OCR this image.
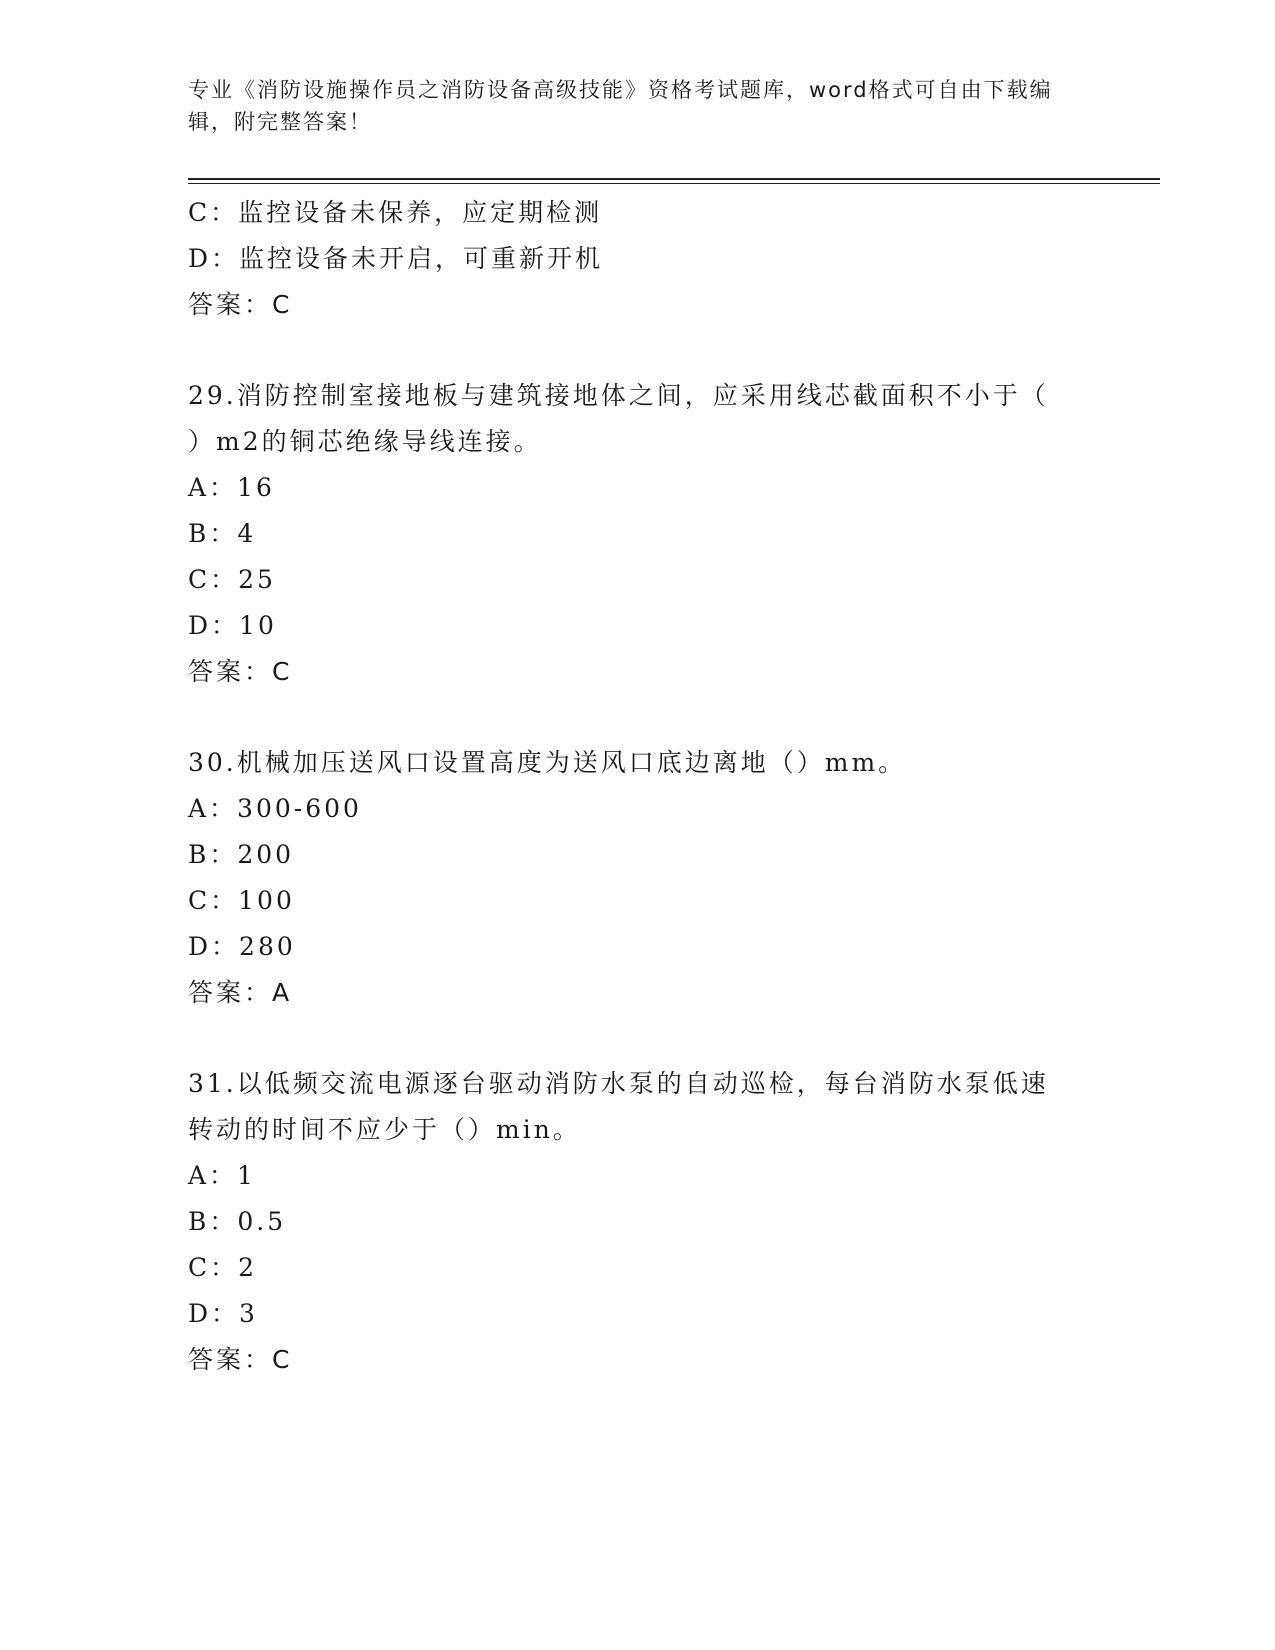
专业《消防设施操作员之消防设备高级技能》资格考试题库，word格式可自由下载编辑，附完整答案！
C：监控设备未保养，应定期检测
D：监控设备未开启，可重新开机
答案：C
29.消防控制室接地板与建筑接地体之间，应采用线芯截面积不小于（
）m2的铜芯绝缘导线连接。
A：16
B：4
C：25
D：10
答案：C
30.机械加压送风口设置高度为送风口底边离地（）mm。
A：300-600
B：200
C：100
D：280
答案：A
31.以低频交流电源逐台驱动消防水泵的自动巡检，每台消防水泵低速
转动的时间不应少于（）min。
A：1
B：0.5
C：2
D：3
答案：C
